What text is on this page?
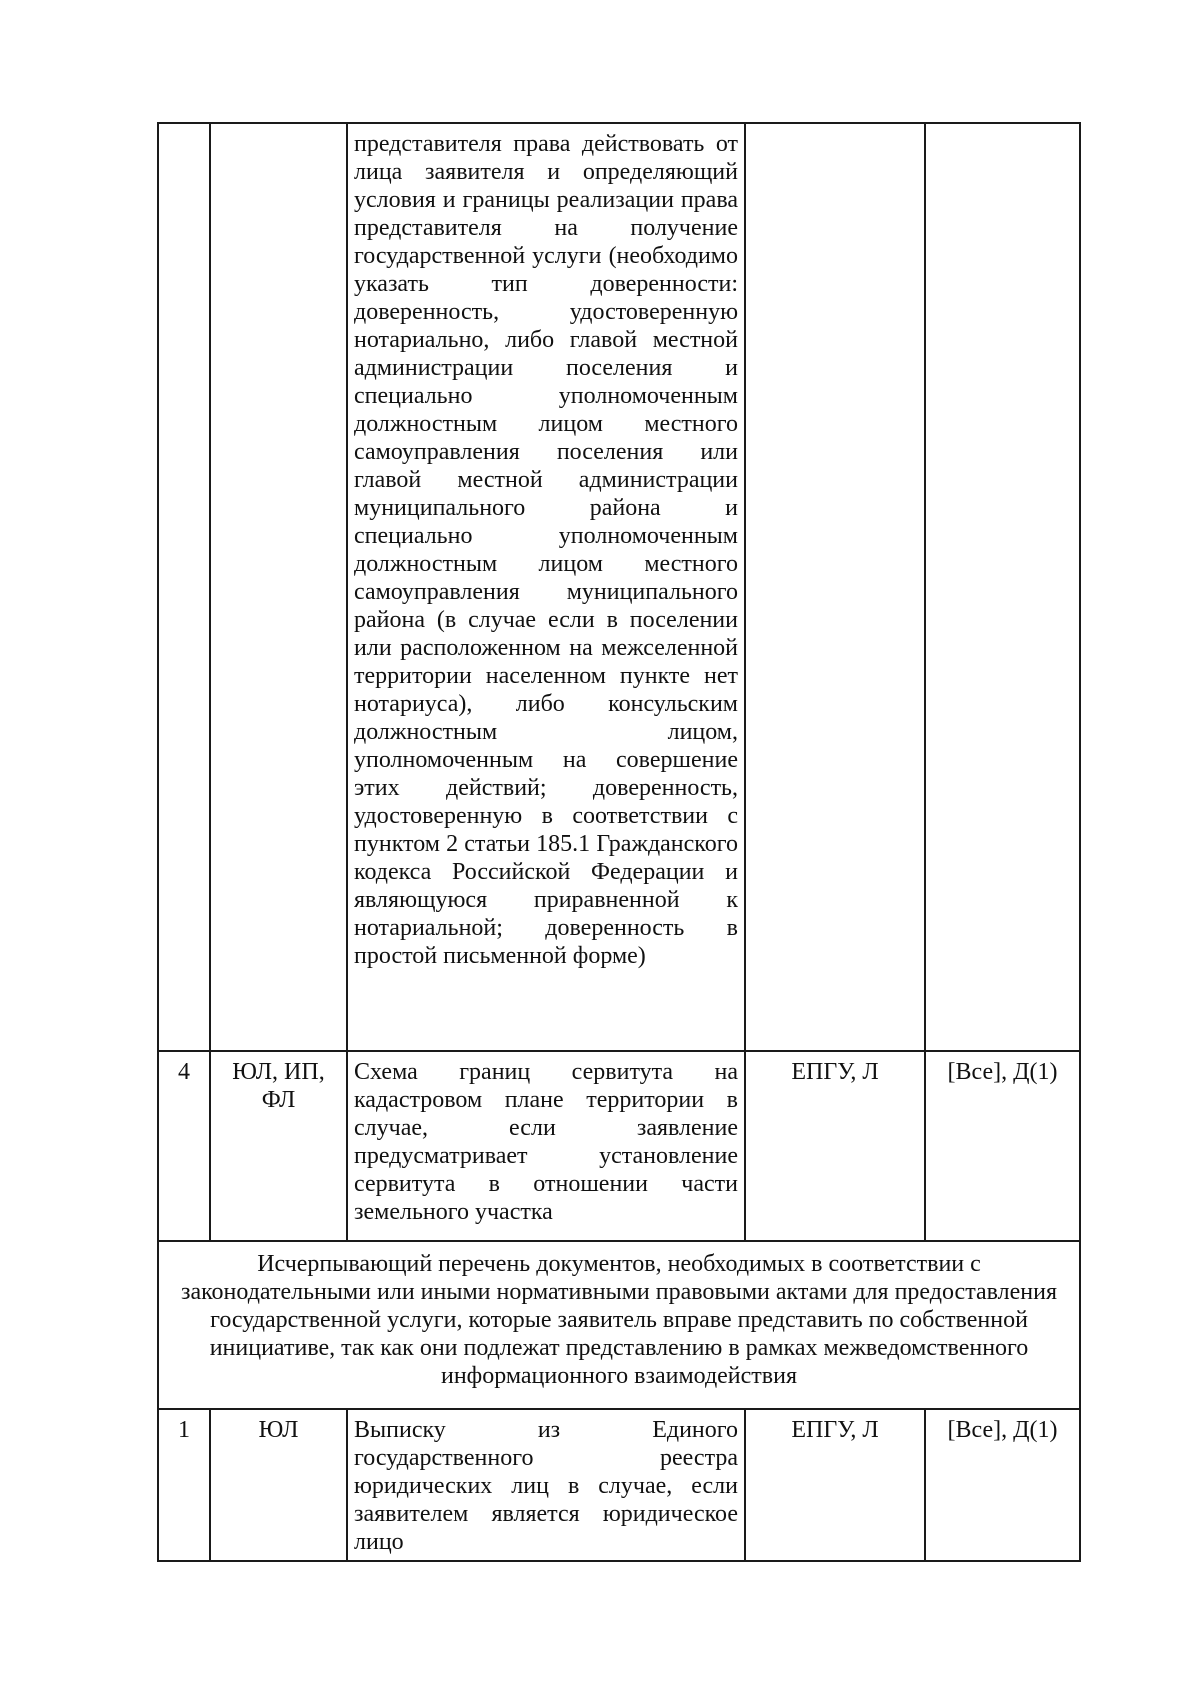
		представителя права действовать от лица заявителя и определяющий условия и границы реализации права представителя на получение государственной услуги (необходимо указать тип доверенности: доверенность, удостоверенную нотариально, либо главой местной администрации поселения и специально уполномоченным должностным лицом местного самоуправления поселения или главой местной администрации муниципального района и специально уполномоченным должностным лицом местного самоуправления муниципального района (в случае если в поселении или расположенном на межселенной территории населенном пункте нет нотариуса), либо консульским должностным лицом, уполномоченным на совершение этих действий; доверенность, удостоверенную в соответствии с пунктом 2 статьи 185.1 Гражданского кодекса Российской Федерации и являющуюся приравненной к нотариальной; доверенность в простой письменной форме)		
4	ЮЛ, ИП, ФЛ	Схема границ сервитута на кадастровом плане территории в случае, если заявление предусматривает установление сервитута в отношении части земельного участка	ЕПГУ, Л	[Все], Д(1)
Исчерпывающий перечень документов, необходимых в соответствии с законодательными или иными нормативными правовыми актами для предоставления государственной услуги, которые заявитель вправе представить по собственной инициативе, так как они подлежат представлению в рамках межведомственного информационного взаимодействия				
1	ЮЛ	Выписку из Единого государственного реестра юридических лиц в случае, если заявителем является юридическое лицо	ЕПГУ, Л	[Все], Д(1)
